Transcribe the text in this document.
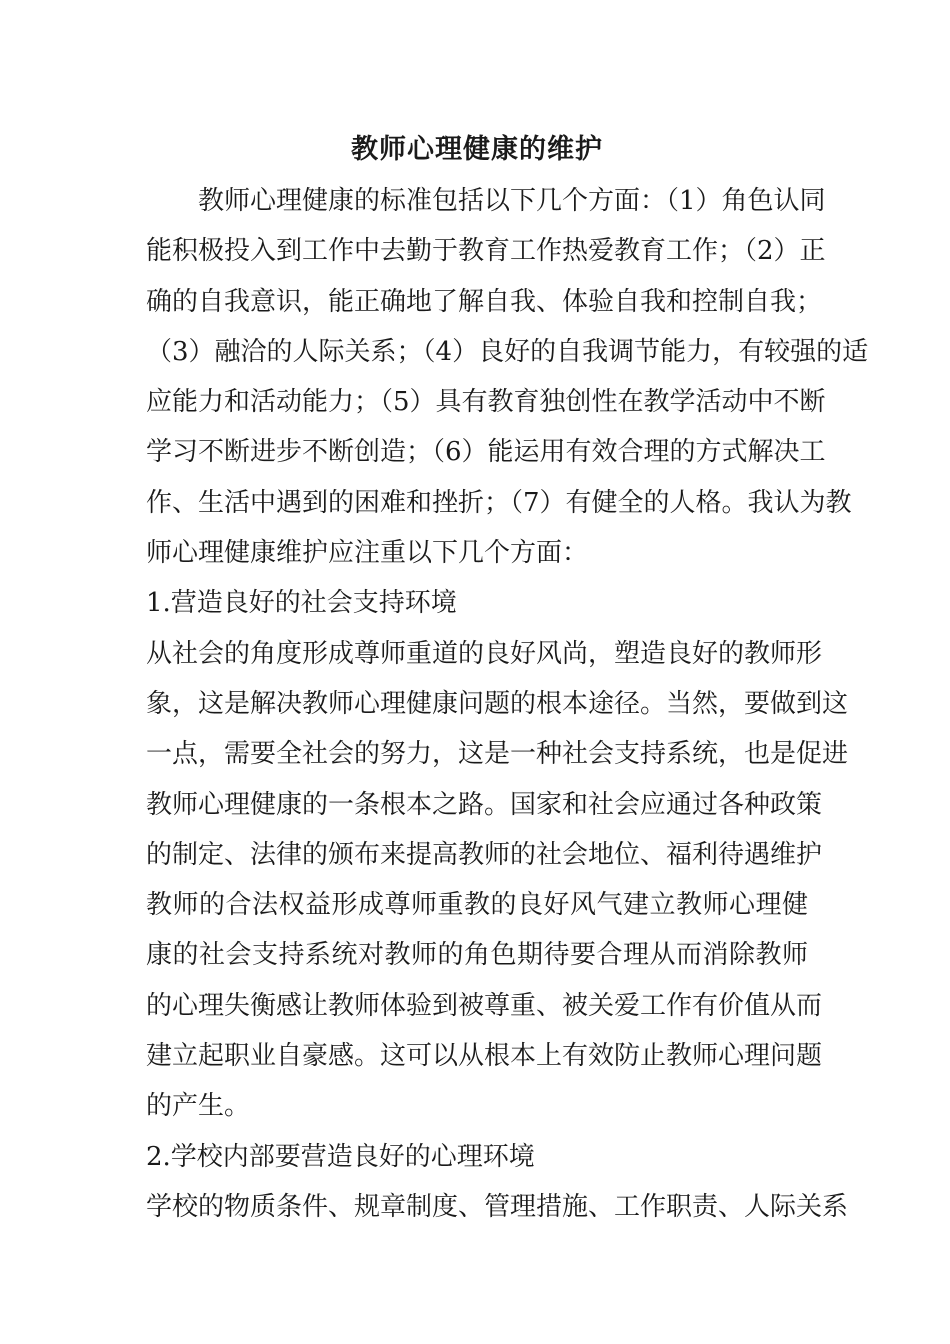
教师心理健康的维护

教师心理健康的标准包括以下几个方面：（1）角色认同

能积极投入到工作中去勤于教育工作热爱教育工作；（2）正

确的自我意识，能正确地了解自我、体验自我和控制自我；

（3）融洽的人际关系；（4）良好的自我调节能力，有较强的适

应能力和活动能力；（5）具有教育独创性在教学活动中不断

学习不断进步不断创造；（6）能运用有效合理的方式解决工

作、生活中遇到的困难和挫折；（7）有健全的人格。我认为教

师心理健康维护应注重以下几个方面：

1.营造良好的社会支持环境

从社会的角度形成尊师重道的良好风尚，塑造良好的教师形

象，这是解决教师心理健康问题的根本途径。当然，要做到这

一点，需要全社会的努力，这是一种社会支持系统，也是促进

教师心理健康的一条根本之路。国家和社会应通过各种政策

的制定、法律的颁布来提高教师的社会地位、福利待遇维护

教师的合法权益形成尊师重教的良好风气建立教师心理健

康的社会支持系统对教师的角色期待要合理从而消除教师

的心理失衡感让教师体验到被尊重、被关爱工作有价值从而

建立起职业自豪感。这可以从根本上有效防止教师心理问题

的产生。

2.学校内部要营造良好的心理环境

学校的物质条件、规章制度、管理措施、工作职责、人际关系
